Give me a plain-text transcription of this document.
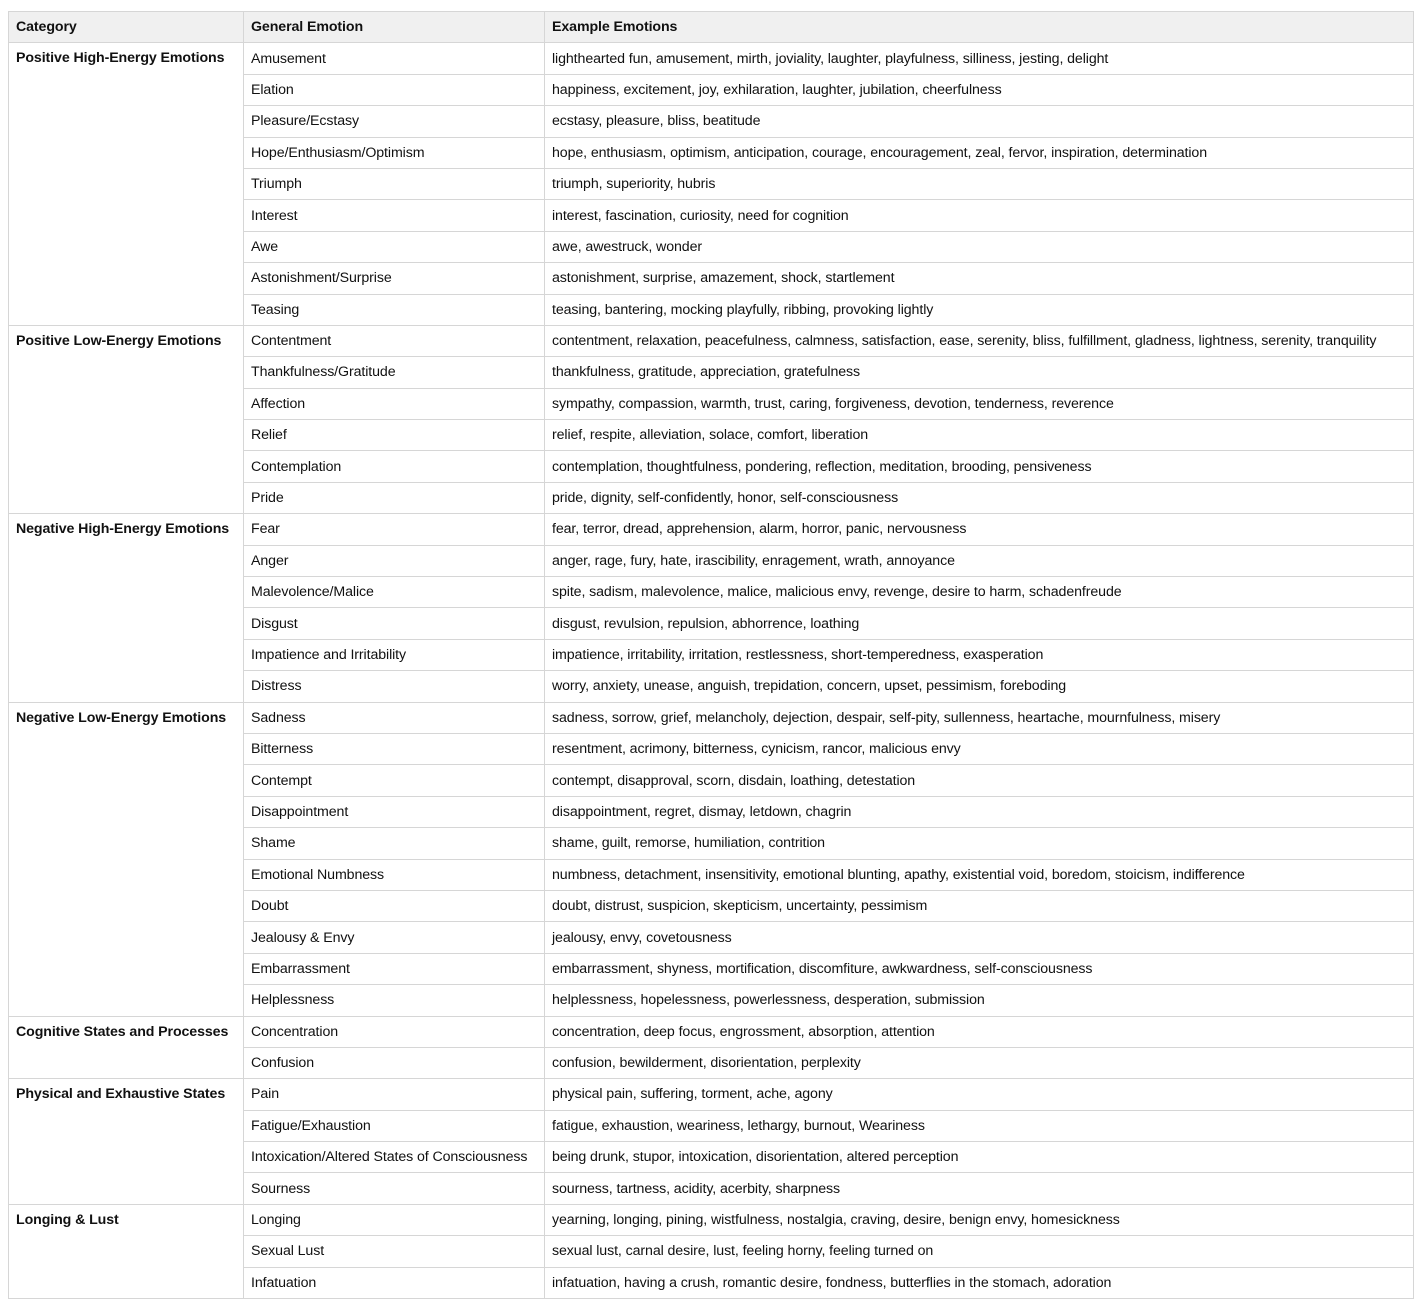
Category	General Emotion	Example Emotions
Positive High-Energy Emotions	Amusement	lighthearted fun, amusement, mirth, joviality, laughter, playfulness, silliness, jesting, delight
	Elation	happiness, excitement, joy, exhilaration, laughter, jubilation, cheerfulness
	Pleasure/Ecstasy	ecstasy, pleasure, bliss, beatitude
	Hope/Enthusiasm/Optimism	hope, enthusiasm, optimism, anticipation, courage, encouragement, zeal, fervor, inspiration, determination
	Triumph	triumph, superiority, hubris
	Interest	interest, fascination, curiosity, need for cognition
	Awe	awe, awestruck, wonder
	Astonishment/Surprise	astonishment, surprise, amazement, shock, startlement
	Teasing	teasing, bantering, mocking playfully, ribbing, provoking lightly
Positive Low-Energy Emotions	Contentment	contentment, relaxation, peacefulness, calmness, satisfaction, ease, serenity, bliss, fulfillment, gladness, lightness, serenity, tranquility
	Thankfulness/Gratitude	thankfulness, gratitude, appreciation, gratefulness
	Affection	sympathy, compassion, warmth, trust, caring, forgiveness, devotion, tenderness, reverence
	Relief	relief, respite, alleviation, solace, comfort, liberation
	Contemplation	contemplation, thoughtfulness, pondering, reflection, meditation, brooding, pensiveness
	Pride	pride, dignity, self-confidently, honor, self-consciousness
Negative High-Energy Emotions	Fear	fear, terror, dread, apprehension, alarm, horror, panic, nervousness
	Anger	anger, rage, fury, hate, irascibility, enragement, wrath, annoyance
	Malevolence/Malice	spite, sadism, malevolence, malice, malicious envy, revenge, desire to harm, schadenfreude
	Disgust	disgust, revulsion, repulsion, abhorrence, loathing
	Impatience and Irritability	impatience, irritability, irritation, restlessness, short-temperedness, exasperation
	Distress	worry, anxiety, unease, anguish, trepidation, concern, upset, pessimism, foreboding
Negative Low-Energy Emotions	Sadness	sadness, sorrow, grief, melancholy, dejection, despair, self-pity, sullenness, heartache, mournfulness, misery
	Bitterness	resentment, acrimony, bitterness, cynicism, rancor, malicious envy
	Contempt	contempt, disapproval, scorn, disdain, loathing, detestation
	Disappointment	disappointment, regret, dismay, letdown, chagrin
	Shame	shame, guilt, remorse, humiliation, contrition
	Emotional Numbness	numbness, detachment, insensitivity, emotional blunting, apathy, existential void, boredom, stoicism, indifference
	Doubt	doubt, distrust, suspicion, skepticism, uncertainty, pessimism
	Jealousy & Envy	jealousy, envy, covetousness
	Embarrassment	embarrassment, shyness, mortification, discomfiture, awkwardness, self-consciousness
	Helplessness	helplessness, hopelessness, powerlessness, desperation, submission
Cognitive States and Processes	Concentration	concentration, deep focus, engrossment, absorption, attention
	Confusion	confusion, bewilderment, disorientation, perplexity
Physical and Exhaustive States	Pain	physical pain, suffering, torment, ache, agony
	Fatigue/Exhaustion	fatigue, exhaustion, weariness, lethargy, burnout, Weariness
	Intoxication/Altered States of Consciousness	being drunk, stupor, intoxication, disorientation, altered perception
	Sourness	sourness, tartness, acidity, acerbity, sharpness
Longing & Lust	Longing	yearning, longing, pining, wistfulness, nostalgia, craving, desire, benign envy, homesickness
	Sexual Lust	sexual lust, carnal desire, lust, feeling horny, feeling turned on
	Infatuation	infatuation, having a crush, romantic desire, fondness, butterflies in the stomach, adoration
